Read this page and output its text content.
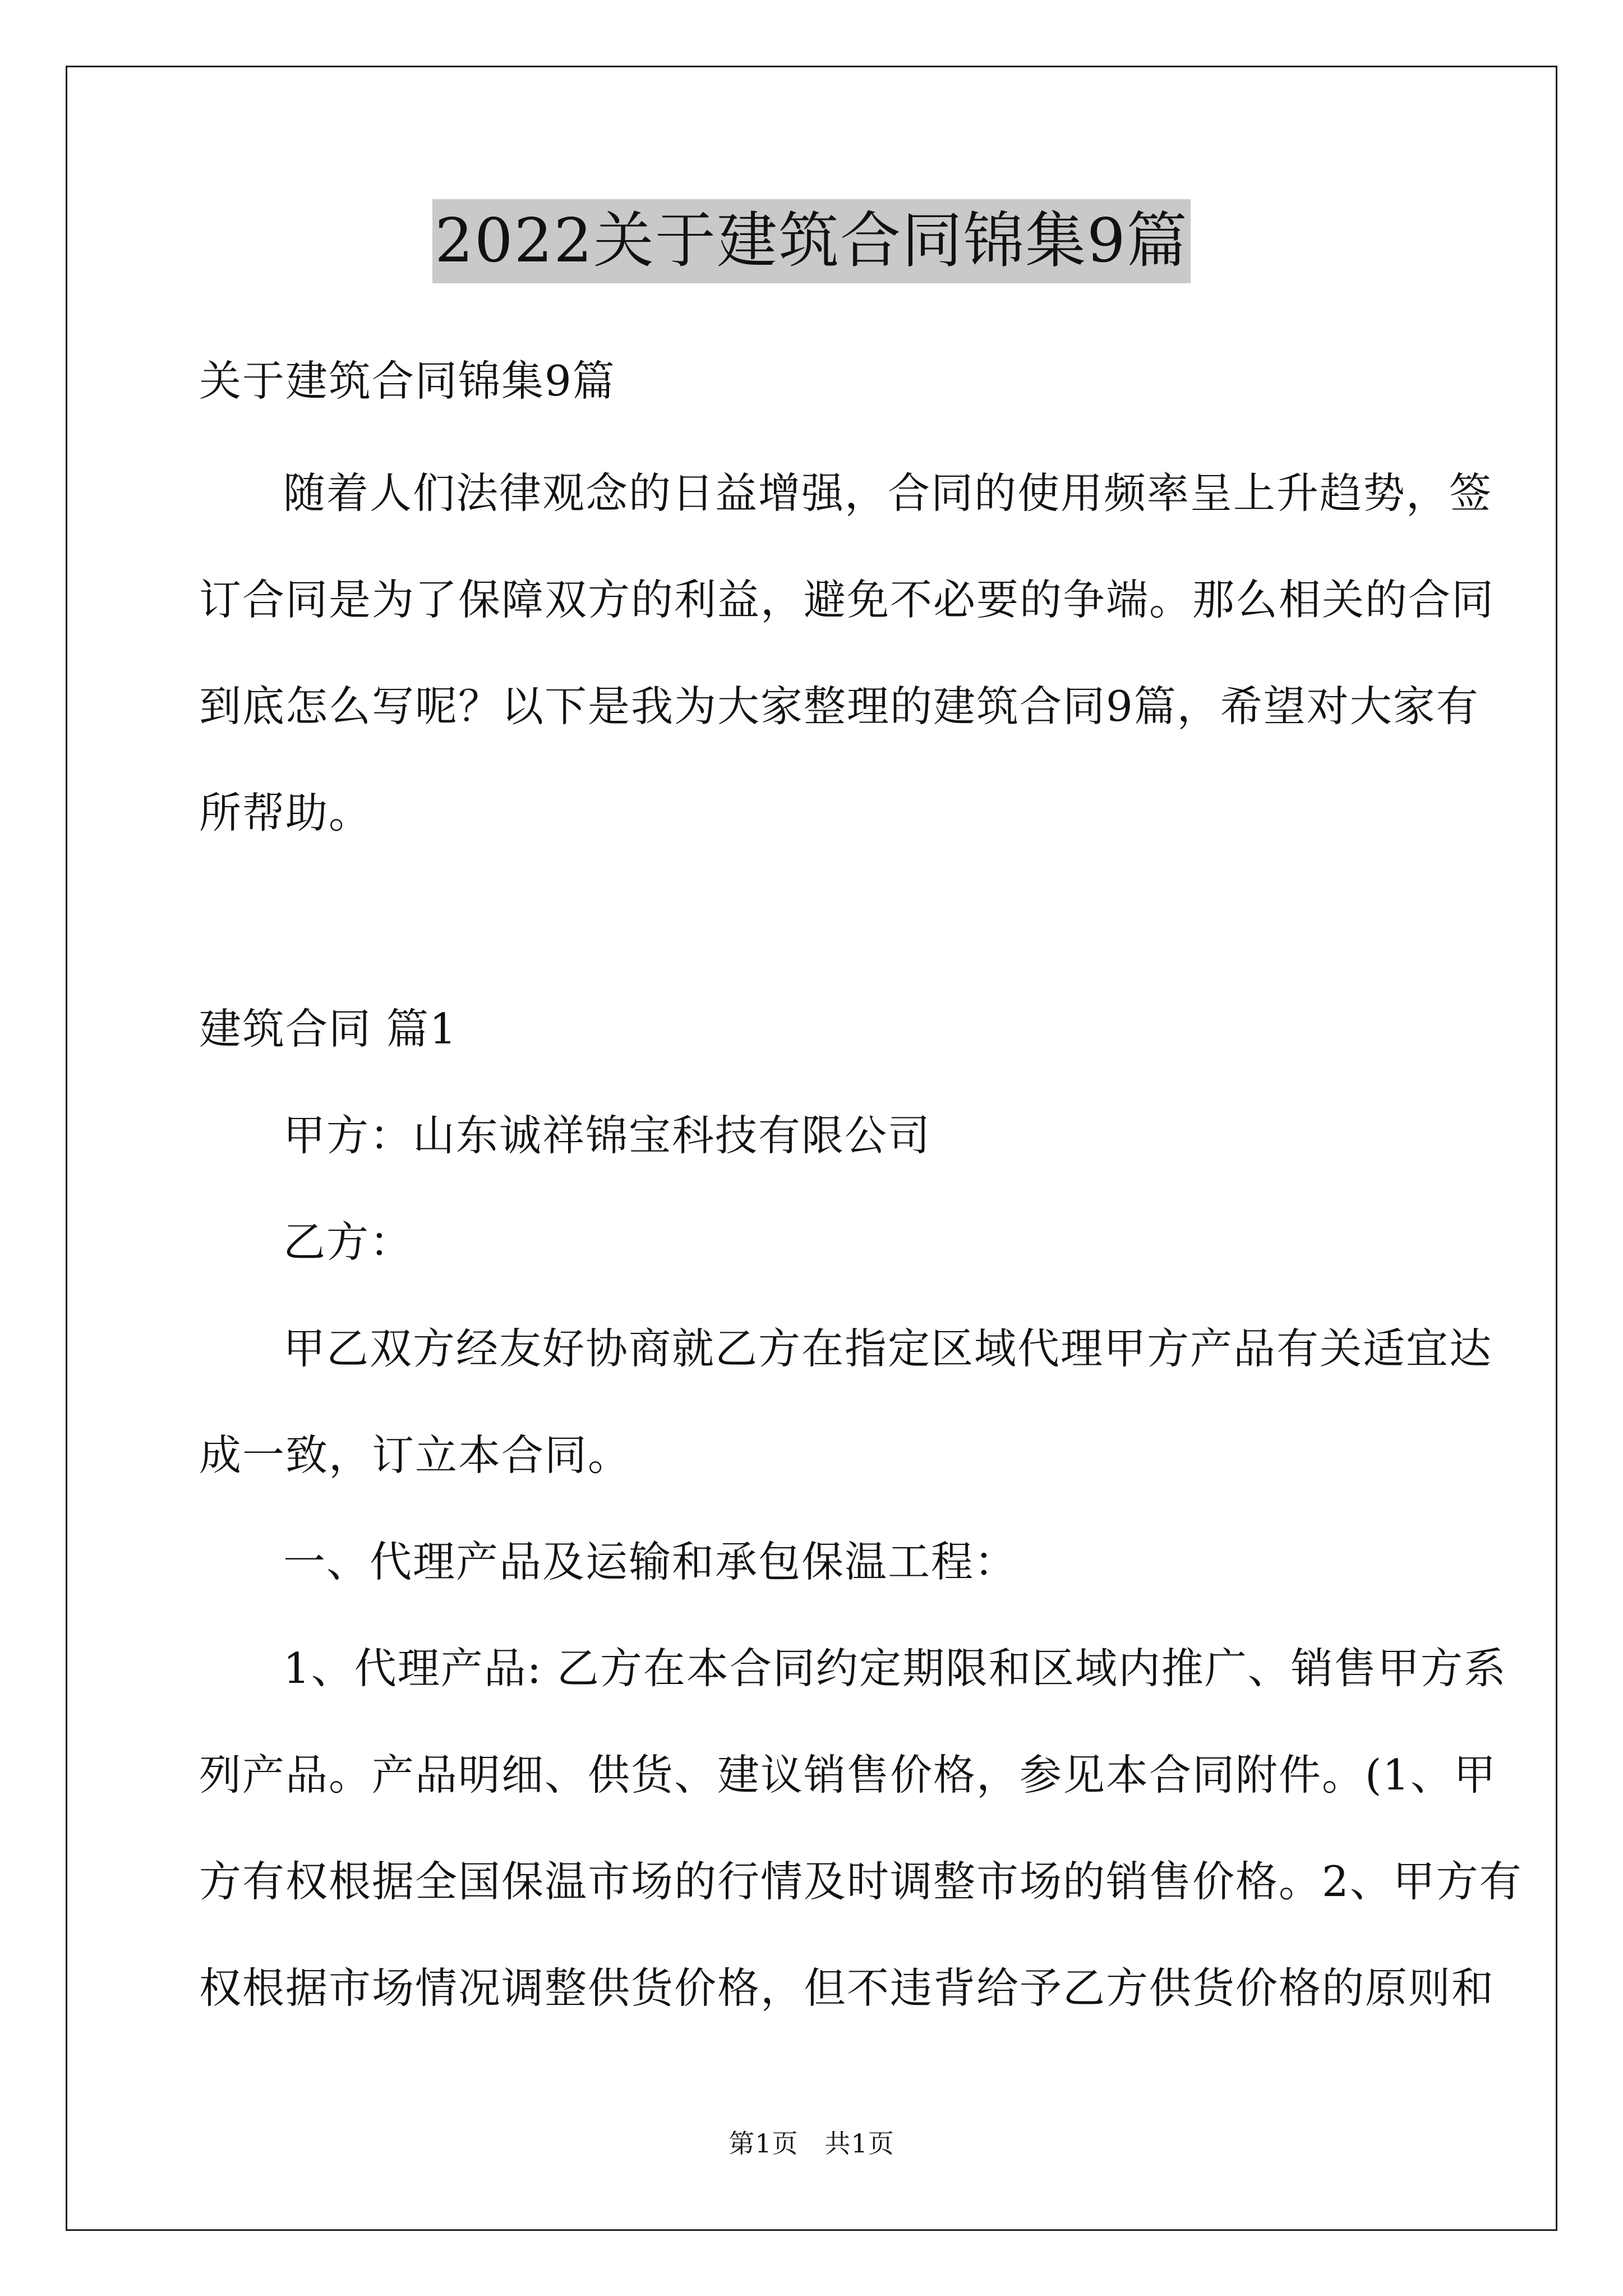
2022关于建筑合同锦集9篇
关于建筑合同锦集9篇
随着人们法律观念的日益增强，合同的使用频率呈上升趋势，签
订合同是为了保障双方的利益，避免不必要的争端。那么相关的合同
到底怎么写呢？以下是我为大家整理的建筑合同9篇，希望对大家有
所帮助。
建筑合同 篇1
甲方：山东诚祥锦宝科技有限公司
乙方：
甲乙双方经友好协商就乙方在指定区域代理甲方产品有关适宜达
成一致，订立本合同。
一、代理产品及运输和承包保温工程：
1、代理产品: 乙方在本合同约定期限和区域内推广、销售甲方系
列产品。产品明细、供货、建议销售价格，参见本合同附件。(1、甲
方有权根据全国保温市场的行情及时调整市场的销售价格。2、甲方有
权根据市场情况调整供货价格，但不违背给予乙方供货价格的原则和
第1页　共1页
